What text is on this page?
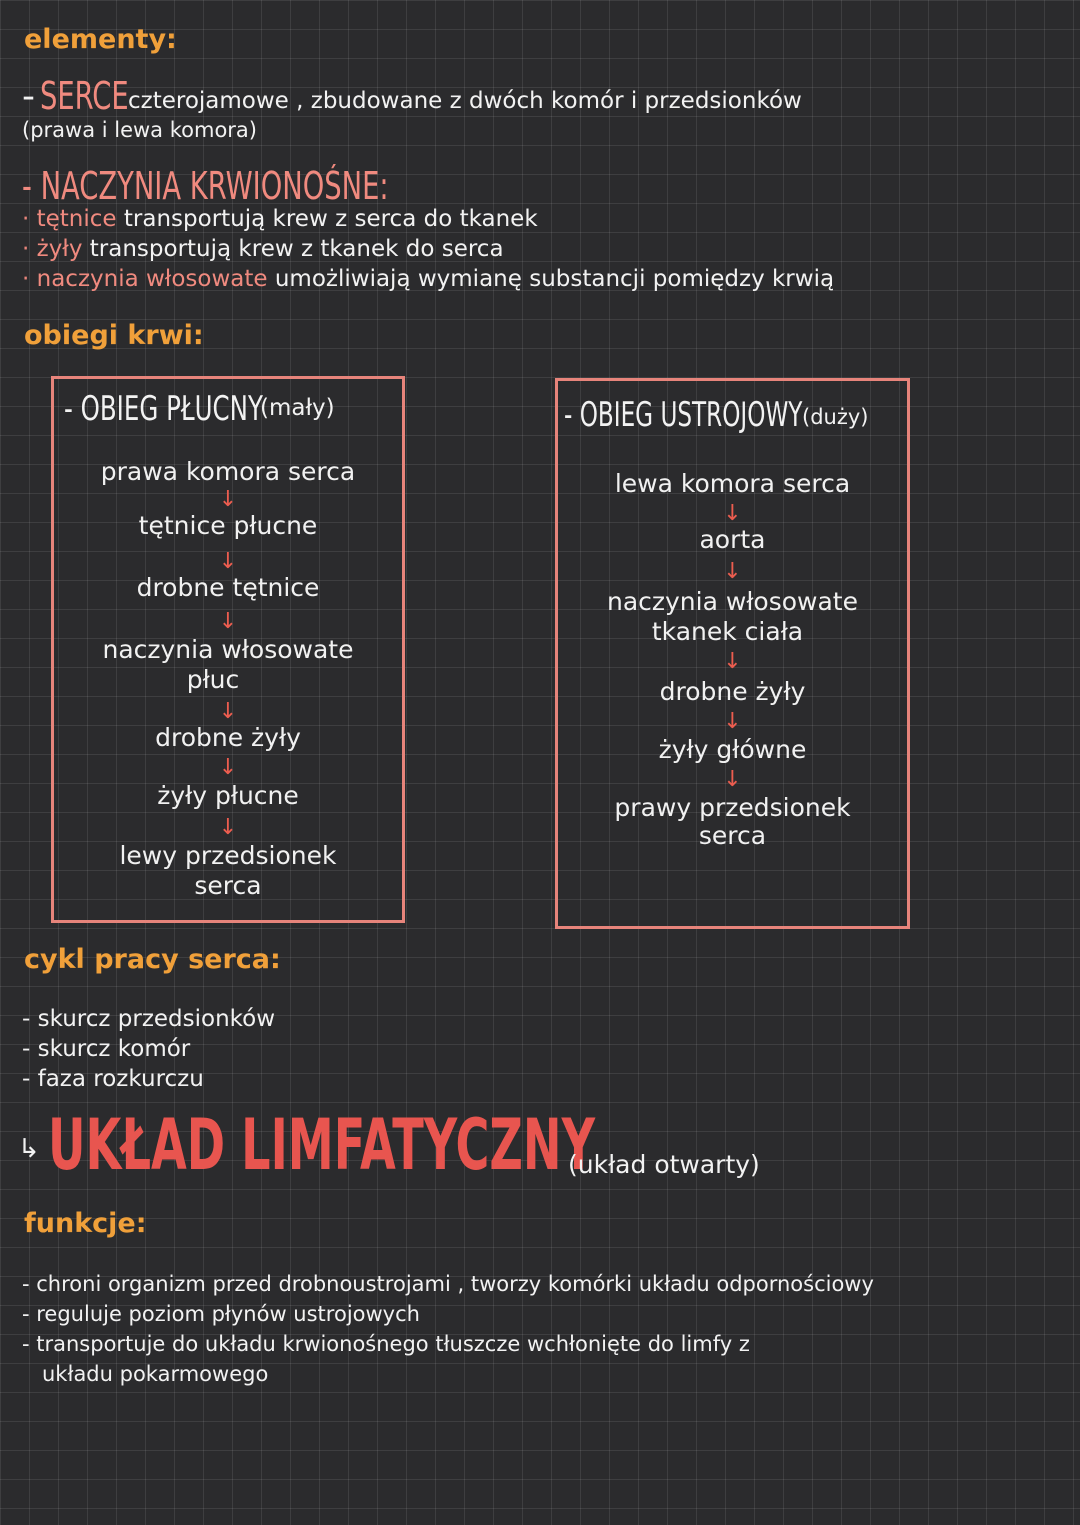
elementy:
- SERCE czterojamowe , zbudowane z dwóch komór i przedsionków
(prawa i lewa komora)
- NACZYNIA KRWIONOŚNE:
· tętnice transportują krew z serca do tkanek
· żyły transportują krew z tkanek do serca
· naczynia włosowate umożliwiają wymianę substancji pomiędzy krwią
obiegi krwi:
- OBIEG PŁUCNY
(mały)
prawa komora serca
↓
tętnice płucne
↓
drobne tętnice
↓
naczynia włosowate
płuc
↓
drobne żyły
↓
żyły płucne
↓
lewy przedsionek
serca
- OBIEG USTROJOWY (duży)
lewa komora serca
↓
aorta
↓
naczynia włosowate
tkanek ciała
↓
drobne żyły
↓
żyły główne
↓
prawy przedsionek
serca
cykl pracy serca:
- skurcz przedsionków
- skurcz komór
- faza rozkurczu
↳ UKŁAD LIMFATYCZNY
(układ otwarty)
funkcje:
- chroni organizm przed drobnoustrojami , tworzy komórki układu odpornościowy
- reguluje poziom płynów ustrojowych
- transportuje do układu krwionośnego tłuszcze wchłonięte do limfy z
układu pokarmowego
